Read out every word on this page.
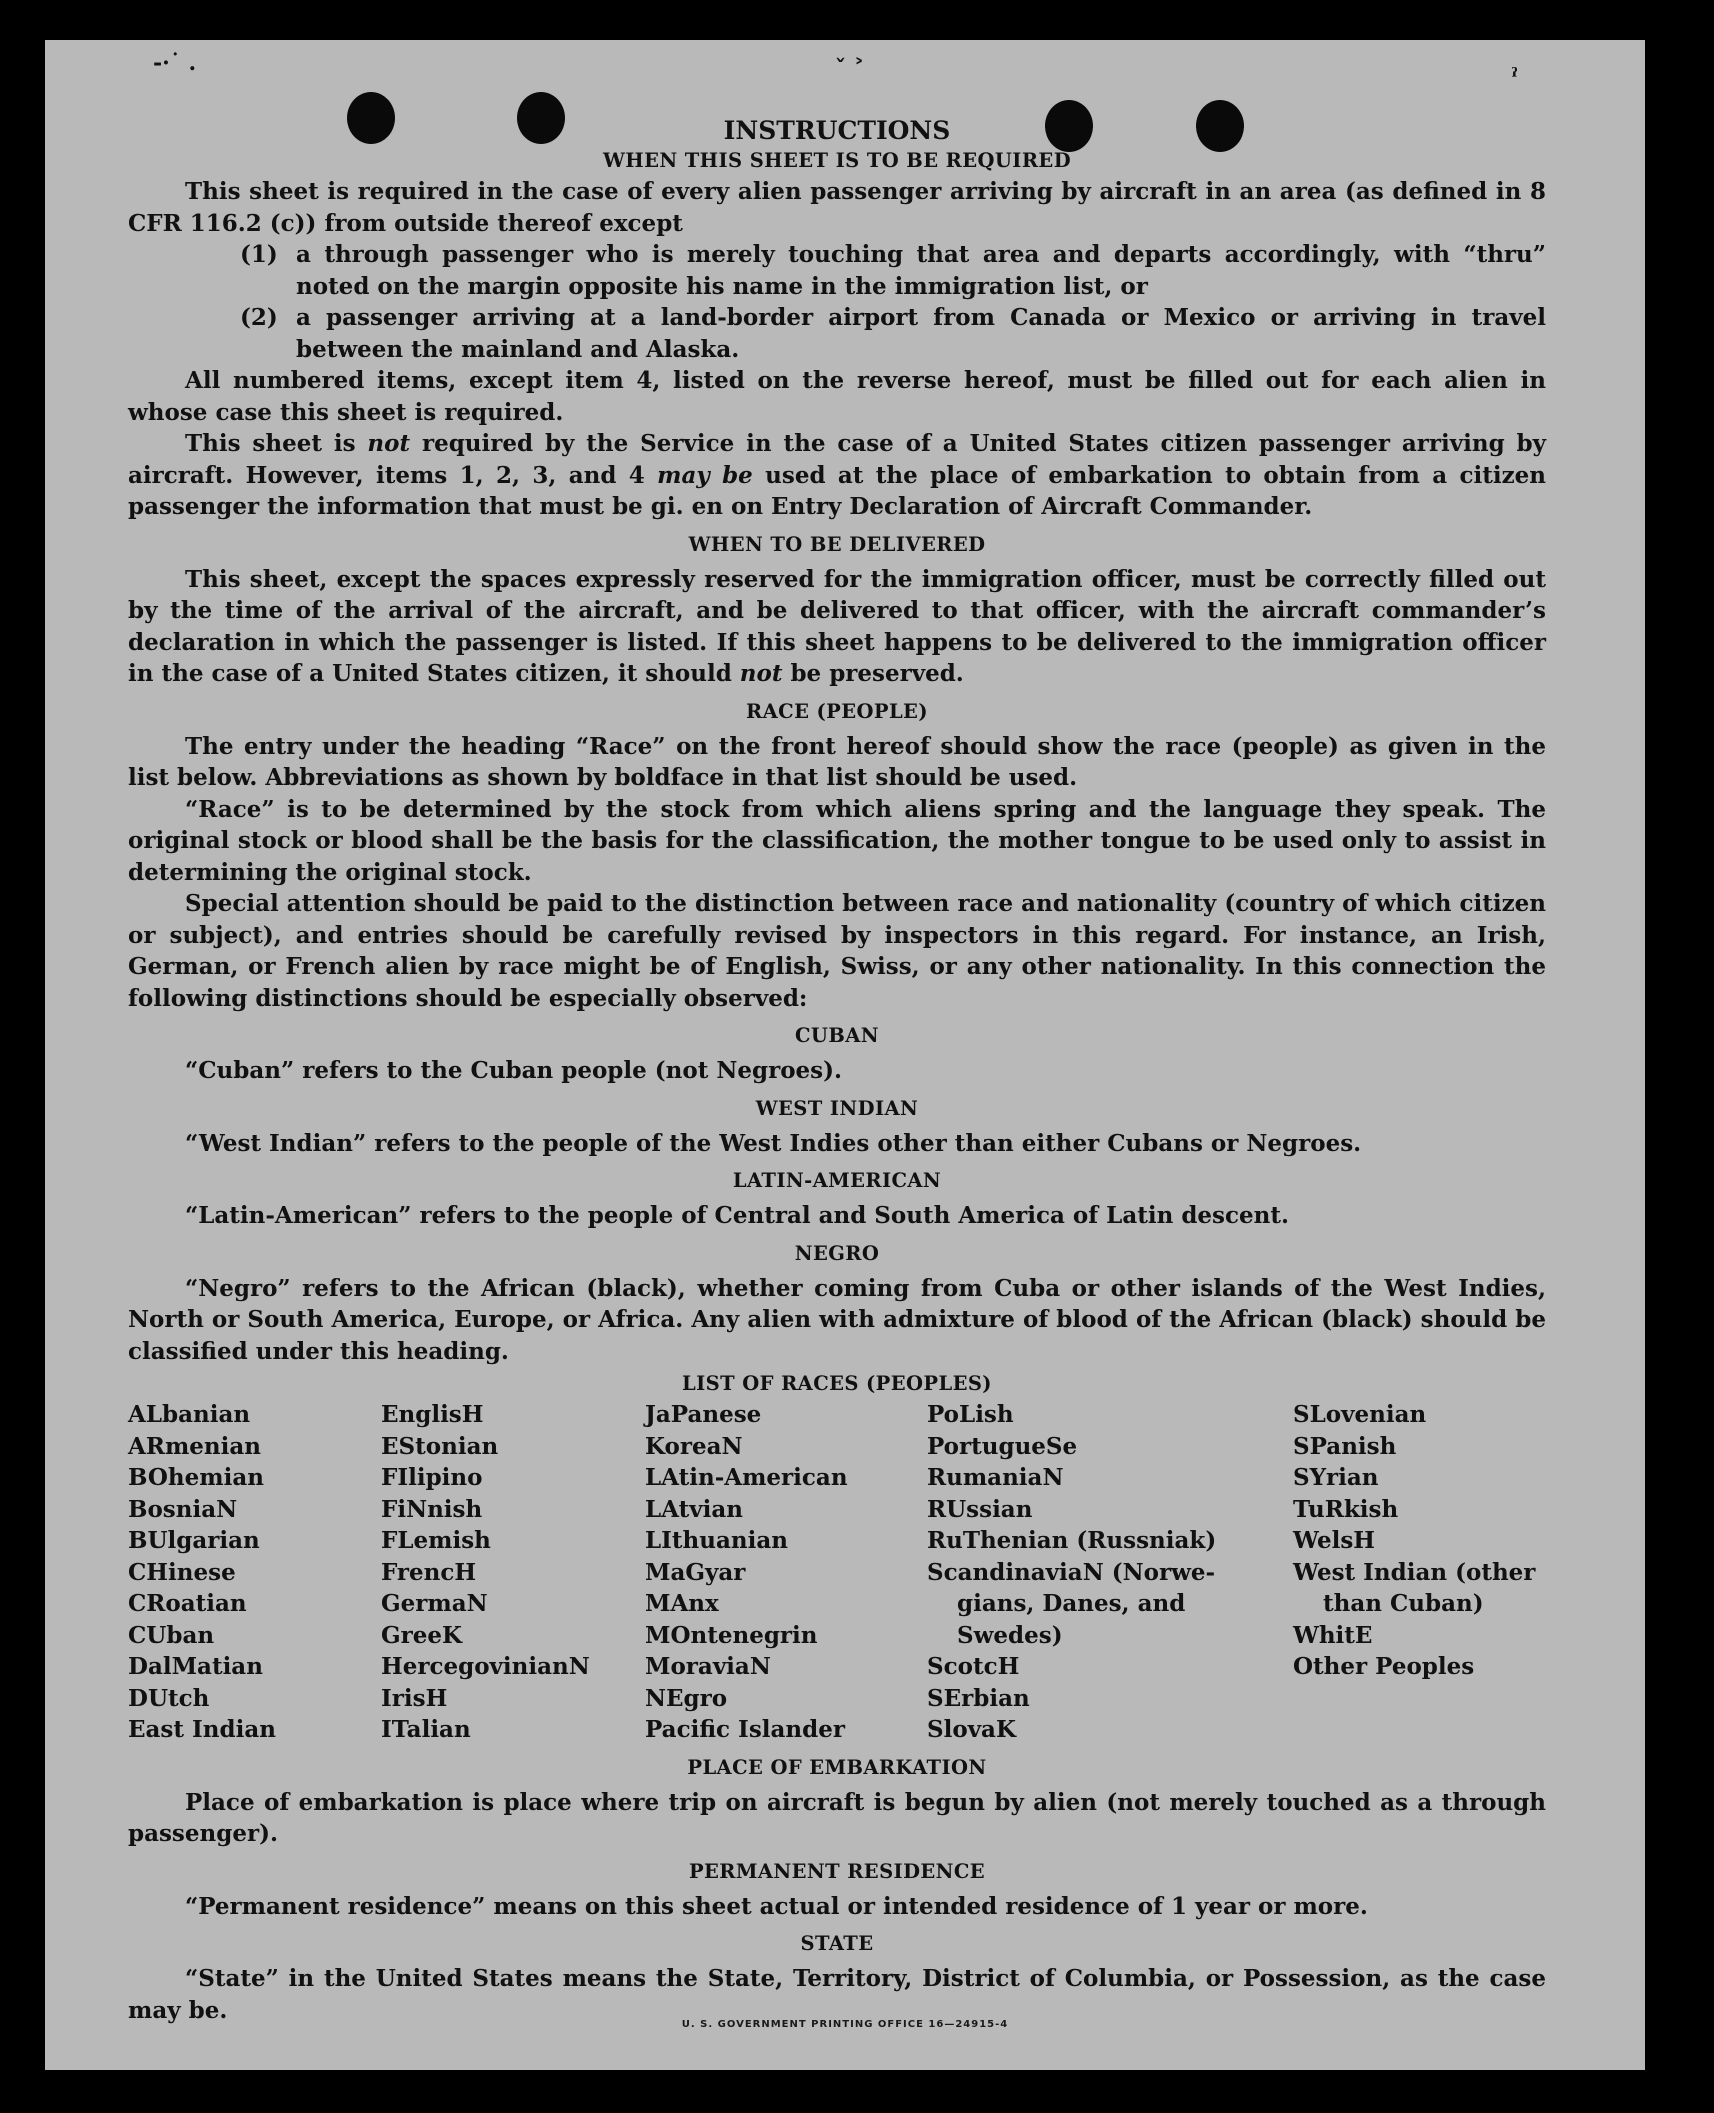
-·˙ .	ˇ ˃	ˀ
INSTRUCTIONS
WHEN THIS SHEET IS TO BE REQUIRED

This sheet is required in the case of every alien passenger arriving by aircraft in an area (as defined in 8 CFR 116.2 (c)) from outside thereof except

(1) a through passenger who is merely touching that area and departs accordingly, with “thru” noted on the margin opposite his name in the immigration list, or
(2) a passenger arriving at a land-border airport from Canada or Mexico or arriving in travel between the mainland and Alaska.

All numbered items, except item 4, listed on the reverse hereof, must be filled out for each alien in whose case this sheet is required.

This sheet is not required by the Service in the case of a United States citizen passenger arriving by aircraft. However, items 1, 2, 3, and 4 may be used at the place of embarkation to obtain from a citizen passenger the information that must be gi. en on Entry Declaration of Aircraft Commander.

WHEN TO BE DELIVERED

This sheet, except the spaces expressly reserved for the immigration officer, must be correctly filled out by the time of the arrival of the aircraft, and be delivered to that officer, with the aircraft commander’s declaration in which the passenger is listed. If this sheet happens to be delivered to the immigration officer in the case of a United States citizen, it should not be preserved.

RACE (PEOPLE)

The entry under the heading “Race” on the front hereof should show the race (people) as given in the list below. Abbreviations as shown by boldface in that list should be used.

“Race” is to be determined by the stock from which aliens spring and the language they speak. The original stock or blood shall be the basis for the classification, the mother tongue to be used only to assist in determining the original stock.

Special attention should be paid to the distinction between race and nationality (country of which citizen or subject), and entries should be carefully revised by inspectors in this regard. For instance, an Irish, German, or French alien by race might be of English, Swiss, or any other nationality. In this connection the following distinctions should be especially observed:

CUBAN

“Cuban” refers to the Cuban people (not Negroes).

WEST INDIAN

“West Indian” refers to the people of the West Indies other than either Cubans or Negroes.

LATIN-AMERICAN

“Latin-American” refers to the people of Central and South America of Latin descent.

NEGRO

“Negro” refers to the African (black), whether coming from Cuba or other islands of the West Indies, North or South America, Europe, or Africa. Any alien with admixture of blood of the African (black) should be classified under this heading.

LIST OF RACES (PEOPLES)
ALbanian
ARmenian
BOhemian
BosniaN
BUlgarian
CHinese
CRoatian
CUban
DalMatian
DUtch
East Indian
EnglisH
EStonian
FIlipino
FiNnish
FLemish
FrencH
GermaN
GreeK
HercegovinianN
IrisH
ITalian
JaPanese
KoreaN
LAtin-American
LAtvian
LIthuanian
MaGyar
MAnx
MOntenegrin
MoraviaN
NEgro
Pacific Islander
PoLish
PortugueSe
RumaniaN
RUssian
RuThenian (Russniak)
ScandinaviaN (Norwe-
gians, Danes, and
Swedes)
ScotcH
SErbian
SlovaK
SLovenian
SPanish
SYrian
TuRkish
WelsH
West Indian (other
than Cuban)
WhitE
Other Peoples
PLACE OF EMBARKATION

Place of embarkation is place where trip on aircraft is begun by alien (not merely touched as a through passenger).

PERMANENT RESIDENCE

“Permanent residence” means on this sheet actual or intended residence of 1 year or more.

STATE

“State” in the United States means the State, Territory, District of Columbia, or Possession, as the case may be.

U. S. GOVERNMENT PRINTING OFFICE 16—24915-4
